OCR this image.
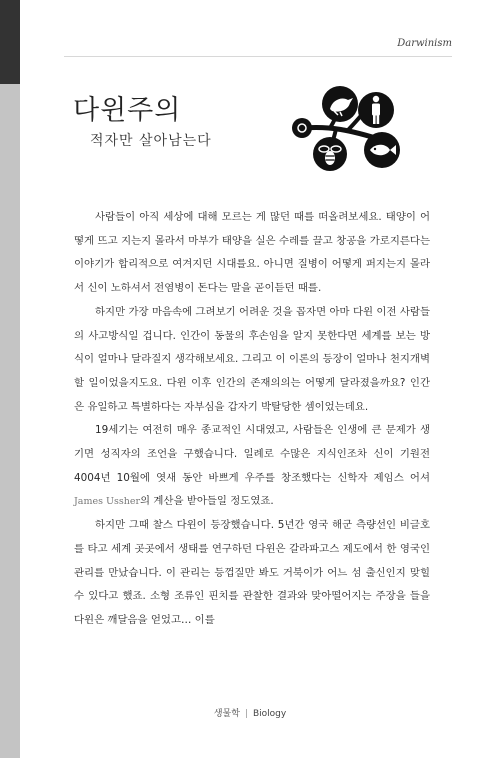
Darwinism
다윈주의
적자만 살아남는다

사람들이 아직 세상에 대해 모르는 게 많던 때를 떠올려보세요. 태양이 어떻게 뜨고 지는지 몰라서 마부가 태양을 실은 수레를 끌고 창공을 가로지른다는 이야기가 합리적으로 여겨지던 시대를요. 아니면 질병이 어떻게 퍼지는지 몰라서 신이 노하셔서 전염병이 돈다는 말을 곧이듣던 때를.

하지만 가장 마음속에 그려보기 어려운 것을 꼽자면 아마 다윈 이전 사람들의 사고방식일 겁니다. 인간이 동물의 후손임을 알지 못한다면 세계를 보는 방식이 얼마나 달라질지 생각해보세요. 그리고 이 이론의 등장이 얼마나 천지개벽할 일이었을지도요. 다윈 이후 인간의 존재의의는 어떻게 달라졌을까요? 인간은 유일하고 특별하다는 자부심을 갑자기 박탈당한 셈이었는데요.

19세기는 여전히 매우 종교적인 시대였고, 사람들은 인생에 큰 문제가 생기면 성직자의 조언을 구했습니다. 일례로 수많은 지식인조차 신이 기원전 4004년 10월에 엿새 동안 바쁘게 우주를 창조했다는 신학자 제임스 어셔James Ussher의 계산을 받아들일 정도였죠.

하지만 그때 찰스 다윈이 등장했습니다. 5년간 영국 해군 측량선인 비글호를 타고 세계 곳곳에서 생태를 연구하던 다윈은 갈라파고스 제도에서 한 영국인 관리를 만났습니다. 이 관리는 등껍질만 봐도 거북이가 어느 섬 출신인지 맞힐 수 있다고 했죠. 소형 조류인 핀치를 관찰한 결과와 맞아떨어지는 주장을 들을 다윈은 깨달음을 얻었고… 이를

생물학 | Biology
